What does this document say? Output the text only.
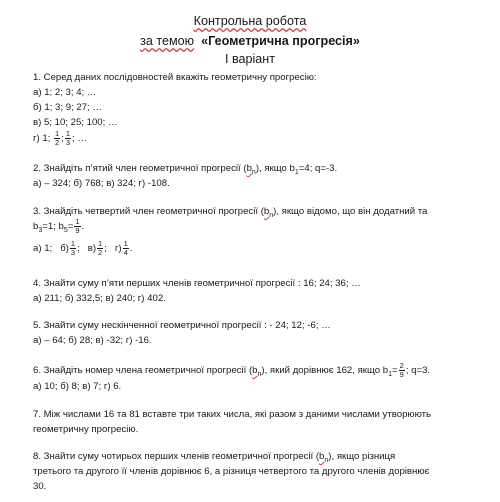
Контрольна робота
за темою «Геометрична прогресія»
І варіант
1. Серед даних послідовностей вкажіть геометричну прогресію:
а) 1; 2; 3; 4; …
б) 1; 3; 9; 27; …
в) 5; 10; 25; 100; …
г) 1; $\frac{1}{2}$ ; $\frac{1}{3}$ ; …
2. Знайдіть п’ятий член геометричної прогресії $(b_n)$, якщо $b_1=4$; q=-3.
а) – 324; б) 768; в) 324; г) -108.
3. Знайдіть четвертий член геометричної прогресії $(b_n)$, якщо відомо, що він додатний та
$b_3=1$; $b_5= \frac{1}{9}$ .
а) 1; $б) \frac{1}{3}$ ;   $в) \frac{1}{2}$ ;   $г) \frac{1}{4}$ .
4. Знайти суму п’яти перших членів геометричної прогресії : 16; 24; 36; …
а) 211; б) 332,5; в) 240; г) 402.
5. Знайти суму нескінченної геометричної прогресії : - 24; 12; -6; …
а) – 64; б) 28; в) -32; г) -16.
6. Знайдіть номер члена геометричної прогресії $(b_n)$, який дорівнює 162, якщо $b_1= \frac{2}{9}$ ; q=3.
а) 10; б) 8; в) 7; г) 6.
7. Між числами 16 та 81 вставте три таких числа, які разом з даними числами утворюють
геометричну прогресію.
8. Знайти суму чотирьох перших членів геометричної прогресії $(b_n)$, якщо різниця
третього та другого її членів дорівнює 6, а різниця четвертого та другого членів дорівнює
30.
